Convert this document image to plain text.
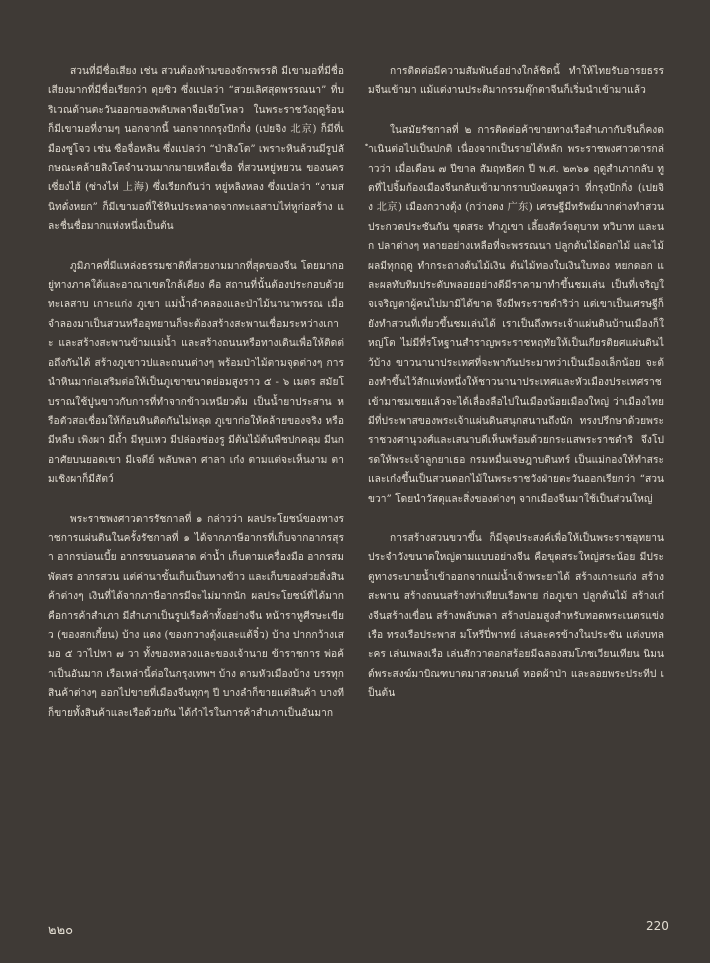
สวนที่มีชื่อเสียง เช่น สวนต้องห้ามของจักรพรรดิ มีเขามอที่มีชื่อเสียงมากที่มีชื่อเรียกว่า ดุยซิว ซึ่งแปลว่า “สวยเลิศสุดพรรณนา” ที่บริเวณด้านตะวันออกของพลับพลาจือเจียโหลว ในพระราชวังฤดูร้อนก็มีเขามอที่งามๆ นอกจากนี้ นอกจากกรุงปักกิ่ง (เปยจิง 北京) ก็มีที่เมืองซูโจว เช่น ซือจื่อหลิน ซึ่งแปลว่า “ป่าสิงโต” เพราะหินล้วนมีรูปลักษณะคล้ายสิงโตจำนวนมากมายเหลือเชื่อ ที่สวนหยู่หยวน ของนครเซี่ยงไฮ้ (ซ่างไห่ 上海) ซึ่งเรียกกันว่า หยู่หลิงหลง ซึ่งแปลว่า “งามสนิทดั่งหยก” ก็มีเขามอที่ใช้หินประหลาดจากทะเลสาบไท่หูก่อสร้าง และชื่นชื่อมากแห่งหนึ่งเป็นต้น

ภูมิภาคที่มีแหล่งธรรมชาติที่สวยงามมากที่สุดของจีน โดยมากอยู่ทางภาคใต้และอาณาเขตใกล้เคียง คือ สถานที่นั้นต้องประกอบด้วย ทะเลสาบ เกาะแก่ง ภูเขา แม่น้ำลำคลองและป่าไม้นานาพรรณ เมื่อจำลองมาเป็นสวนหรืออุทยานก็จะต้องสร้างสะพานเชื่อมระหว่างเกาะ และสร้างสะพานข้ามแม่น้ำ และสร้างถนนหรือทางเดินเพื่อให้ติดต่อถึงกันได้ สร้างภูเขาวปและถนนต่างๆ พร้อมป่าไม้ตามจุดต่างๆ การนำหินมาก่อเสริมต่อให้เป็นภูเขาขนาดย่อมสูงราว ๕ - ๖ เมตร สมัยโบราณใช้ปูนขาวกับการที่ทำจากข้าวเหนียวต้ม เป็นน้ำยาประสาน หรือตัวสอเชื่อมให้ก้อนหินติดกันไม่หลุด ภูเขาก่อให้คล้ายของจริง หรือมีหลืบ เพิงผา มีถ้ำ มีหุบเหว มีปล่องช่องรู มีต้นไม้ต้นพืชปกคลุม มีนกอาศัยบนยอดเขา มีเจดีย์ พลับพลา ศาลา เก๋ง ตามแต่จะเห็นงาม ตามเชิงผาก็มีสัตว์

พระราชพงศาวดารรัชกาลที่ ๑ กล่าวว่า ผลประโยชน์ของทางราชการแผ่นดินในครั้งรัชกาลที่ ๑ ได้จากภาษีอากรที่เก็บจากอากรสุรา อากรบ่อนเบี้ย อากรขนอนตลาด ค่าน้ำ เก็บตามเครื่องมือ อากรสมพัตสร อากรสวน แต่ค่านาขั้นเก็บเป็นหางข้าว และเก็บของส่วยสิ่งสินค้าต่างๆ เงินที่ได้จากภาษีอากรมีจะไม่มากนัก ผลประโยชน์ที่ได้มากคือการค้าสำเภา มีสำเภาเป็นรูปเรือค้าทั้งอย่างจีน หน้าราหูศีรษะเขียว (ของสกเกี้ยน) บ้าง แดง (ของกวางตุ้งและแต้จิ๋ว) บ้าง ปากกว้างเสมอ ๕ วาไปหา ๗ วา ทั้งของหลวงและของเจ้านาย ข้าราชการ พ่อค้าเป็นอันมาก เรือเหล่านี้ต่อในกรุงเทพฯ บ้าง ตามหัวเมืองบ้าง บรรทุกสินค้าต่างๆ ออกไปขายที่เมืองจีนทุกๆ ปี บางลำก็ขายแต่สินค้า บางทีก็ขายทั้งสินค้าและเรือด้วยกัน ได้กำไรในการค้าสำเภาเป็นอันมาก

การติดต่อมีความสัมพันธ์อย่างใกล้ชิดนี้ ทำให้ไทยรับอารยธรรมจีนเข้ามา แม้แต่งานประติมากรรมตุ๊กตาจีนก็เริ่มนำเข้ามาแล้ว

ในสมัยรัชกาลที่ ๒ การติดต่อค้าขายทางเรือสำเภากับจีนก็คงดำเนินต่อไปเป็นปกติ เนื่องจากเป็นรายได้หลัก พระราชพงศาวดารกล่าวว่า เมื่อเดือน ๗ ปีขาล สัมฤทธิศก ปี พ.ศ. ๒๓๖๑ ฤดูสำเภากลับ ทูตที่ไปจิ้มก้องเมืองจีนกลับเข้ามากราบบังคมทูลว่า ที่กรุงปักกิ่ง (เปยจิง 北京) เมืองกวางตุ้ง (กว่างตง 广东) เศรษฐีมีทรัพย์มากต่างทำสวนประกวดประชันกัน ขุดสระ ทำภูเขา เลี้ยงสัตว์จตุบาท ทวิบาท และนก ปลาต่างๆ หลายอย่างเหลือที่จะพรรณนา ปลูกต้นไม้ดอกไม้ และไม้ผลมีทุกฤดู ทำกระถางต้นไม้เงิน ต้นไม้ทองใบเงินใบทอง หยกดอก และผลทับทิมประดับพลอยอย่างดีมีราคามาทำขึ้นชมเล่น เป็นที่เจริญใจเจริญตาผู้คนไปมามิได้ขาด จึงมีพระราชดำริว่า แต่เขาเป็นเศรษฐีก็ยังทำสวนที่เที่ยวขึ้นชมเล่นได้ เราเป็นถึงพระเจ้าแผ่นดินบ้านเมืองก็ใหญ่โต ไม่มีที่รโหฐานสำราญพระราชหฤทัยให้เป็นเกียรติยศแผ่นดินไว้บ้าง ขาวนานาประเทศที่จะพากันประมาทว่าเป็นเมืองเล็กน้อย จะต้องทำขึ้นไว้สักแห่งหนึ่งให้ชาวนานาประเทศและหัวเมืองประเทศราชเข้ามาชมเชยแล้วจะได้เลื่องลือไปในเมืองน้อยเมืองใหญ่ ว่าเมืองไทยมีที่ประพาสของพระเจ้าแผ่นดินสนุกสนานถึงนัก ทรงปรึกษาด้วยพระราชวงศานุวงศ์และเสนาบดีเห็นพร้อมด้วยกระแสพระราชดำริ จึงโปรดให้พระเจ้าลูกยาเธอ กรมหมื่นเจษฎาบดินทร์ เป็นแม่กองให้ทำสระและเก๋งขึ้นเป็นสวนดอกไม้ในพระราชวังฝ่ายตะวันออกเรียกว่า “สวนขวา” โดยนำวัสดุและสิ่งของต่างๆ จากเมืองจีนมาใช้เป็นส่วนใหญ่

การสร้างสวนขวาขึ้น ก็มีจุดประสงค์เพื่อให้เป็นพระราชอุทยานประจำวังขนาดใหญ่ตามแบบอย่างจีน คือขุดสระใหญ่สระน้อย มีประตูทางระบายน้ำเข้าออกจากแม่น้ำเจ้าพระยาได้ สร้างเกาะแก่ง สร้างสะพาน สร้างถนนสร้างท่าเทียบเรือพาย ก่อภูเขา ปลูกต้นไม้ สร้างเก๋งจีนสร้างเขื่อน สร้างพลับพลา สร้างปอมสูงสำหรับทอดพระเนตรแข่งเรือ ทรงเรือประพาส มโหรีปี่พาทย์ เล่นละครข้างในประชัน แต่งบทละคร เล่นเพลงเรือ เล่นสักวาดอกสร้อยมีฉลองสมโภชเวียนเทียน นิมนต์พระสงฆ์มาบิณฑบาตมาสวดมนต์ ทอดผ้าป่า และลอยพระประทีป เป็นต้น

๒๒๐	220
